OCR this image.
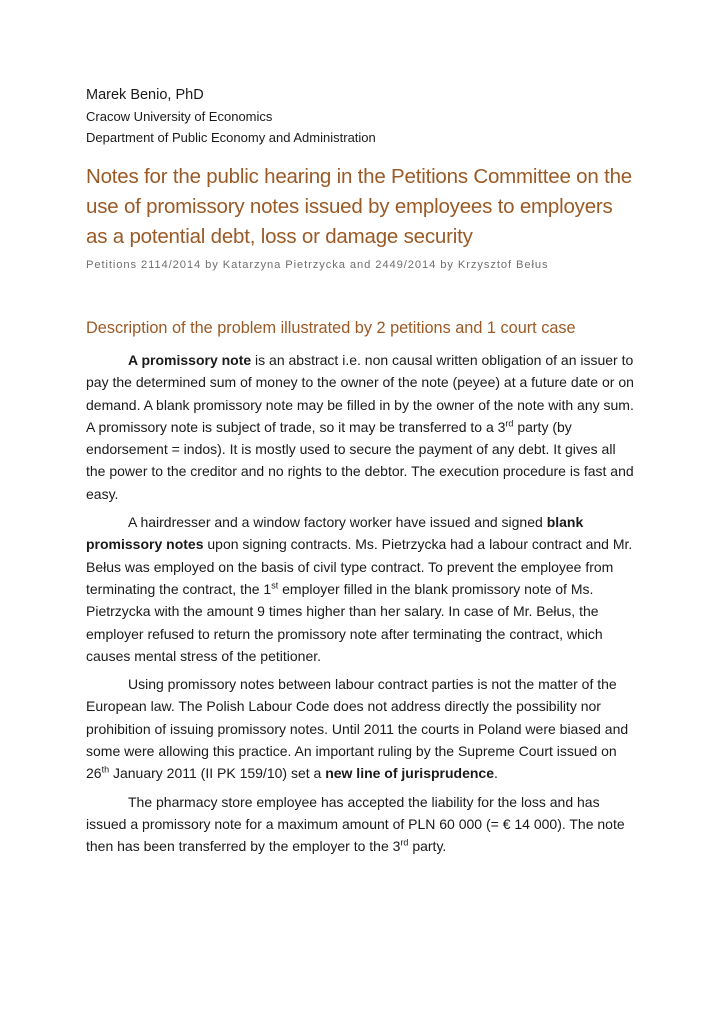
Marek Benio, PhD

Cracow University of Economics

Department of Public Economy and Administration

Notes for the public hearing in the Petitions Committee on the use of promissory notes issued by employees to employers as a potential debt, loss or damage security

Petitions 2114/2014 by Katarzyna Pietrzycka and 2449/2014 by Krzysztof Bełus

Description of the problem illustrated by 2 petitions and 1 court case

A promissory note is an abstract i.e. non causal written obligation of an issuer to pay the determined sum of money to the owner of the note (peyee) at a future date or on demand. A blank promissory note may be filled in by the owner of the note with any sum. A promissory note is subject of trade, so it may be transferred to a 3rd party (by endorsement = indos). It is mostly used to secure the payment of any debt. It gives all the power to the creditor and no rights to the debtor. The execution procedure is fast and easy.

A hairdresser and a window factory worker have issued and signed blank promissory notes upon signing contracts. Ms. Pietrzycka had a labour contract and Mr. Bełus was employed on the basis of civil type contract. To prevent the employee from terminating the contract, the 1st employer filled in the blank promissory note of Ms. Pietrzycka with the amount 9 times higher than her salary. In case of Mr. Bełus, the employer refused to return the promissory note after terminating the contract, which causes mental stress of the petitioner.

Using promissory notes between labour contract parties is not the matter of the European law. The Polish Labour Code does not address directly the possibility nor prohibition of issuing promissory notes. Until 2011 the courts in Poland were biased and some were allowing this practice. An important ruling by the Supreme Court issued on 26th January 2011 (II PK 159/10) set a new line of jurisprudence.

The pharmacy store employee has accepted the liability for the loss and has issued a promissory note for a maximum amount of PLN 60 000 (= € 14 000). The note then has been transferred by the employer to the 3rd party.
